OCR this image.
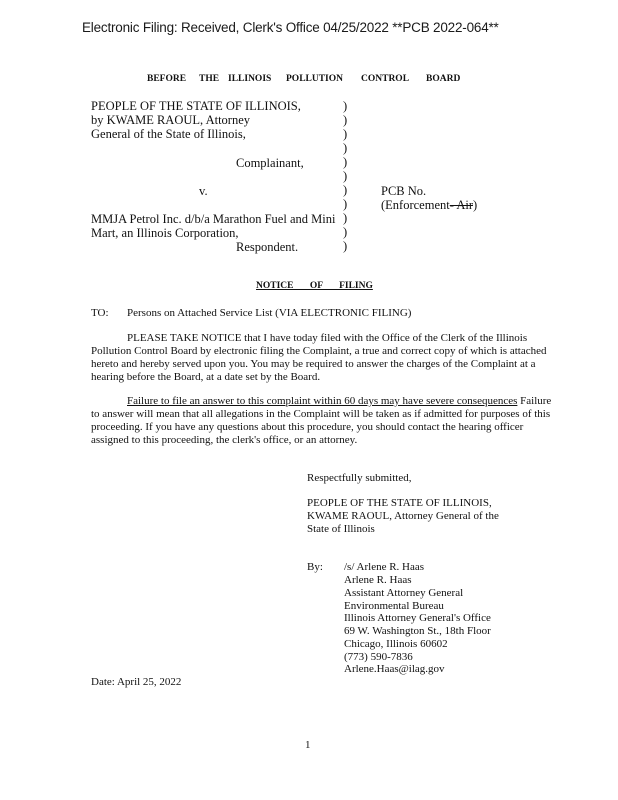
Electronic Filing: Received, Clerk's Office 04/25/2022 **PCB 2022-064**
BEFORE THE ILLINOIS POLLUTION CONTROL BOARD
PEOPLE OF THE STATE OF ILLINOIS,
by KWAME RAOUL, Attorney
General of the State of Illinois,
Complainant,
v.
MMJA Petrol Inc. d/b/a Marathon Fuel and Mini
Mart, an Illinois Corporation,
Respondent.
)
)
)
)
)
)
)
)
)
)
)
PCB No.
(Enforcement- Air)
NOTICE OF FILING
TO: Persons on Attached Service List (VIA ELECTRONIC FILING)
PLEASE TAKE NOTICE that I have today filed with the Office of the Clerk of the Illinois Pollution Control Board by electronic filing the Complaint, a true and correct copy of which is attached hereto and hereby served upon you. You may be required to answer the charges of the Complaint at a hearing before the Board, at a date set by the Board.
Failure to file an answer to this complaint within 60 days may have severe consequences Failure to answer will mean that all allegations in the Complaint will be taken as if admitted for purposes of this proceeding. If you have any questions about this procedure, you should contact the hearing officer assigned to this proceeding, the clerk's office, or an attorney.
Respectfully submitted,
PEOPLE OF THE STATE OF ILLINOIS,
KWAME RAOUL, Attorney General of the
State of Illinois
By: /s/ Arlene R. Haas
Arlene R. Haas
Assistant Attorney General
Environmental Bureau
Illinois Attorney General's Office
69 W. Washington St., 18th Floor
Chicago, Illinois 60602
(773) 590-7836
Arlene.Haas@ilag.gov
Date: April 25, 2022
1
